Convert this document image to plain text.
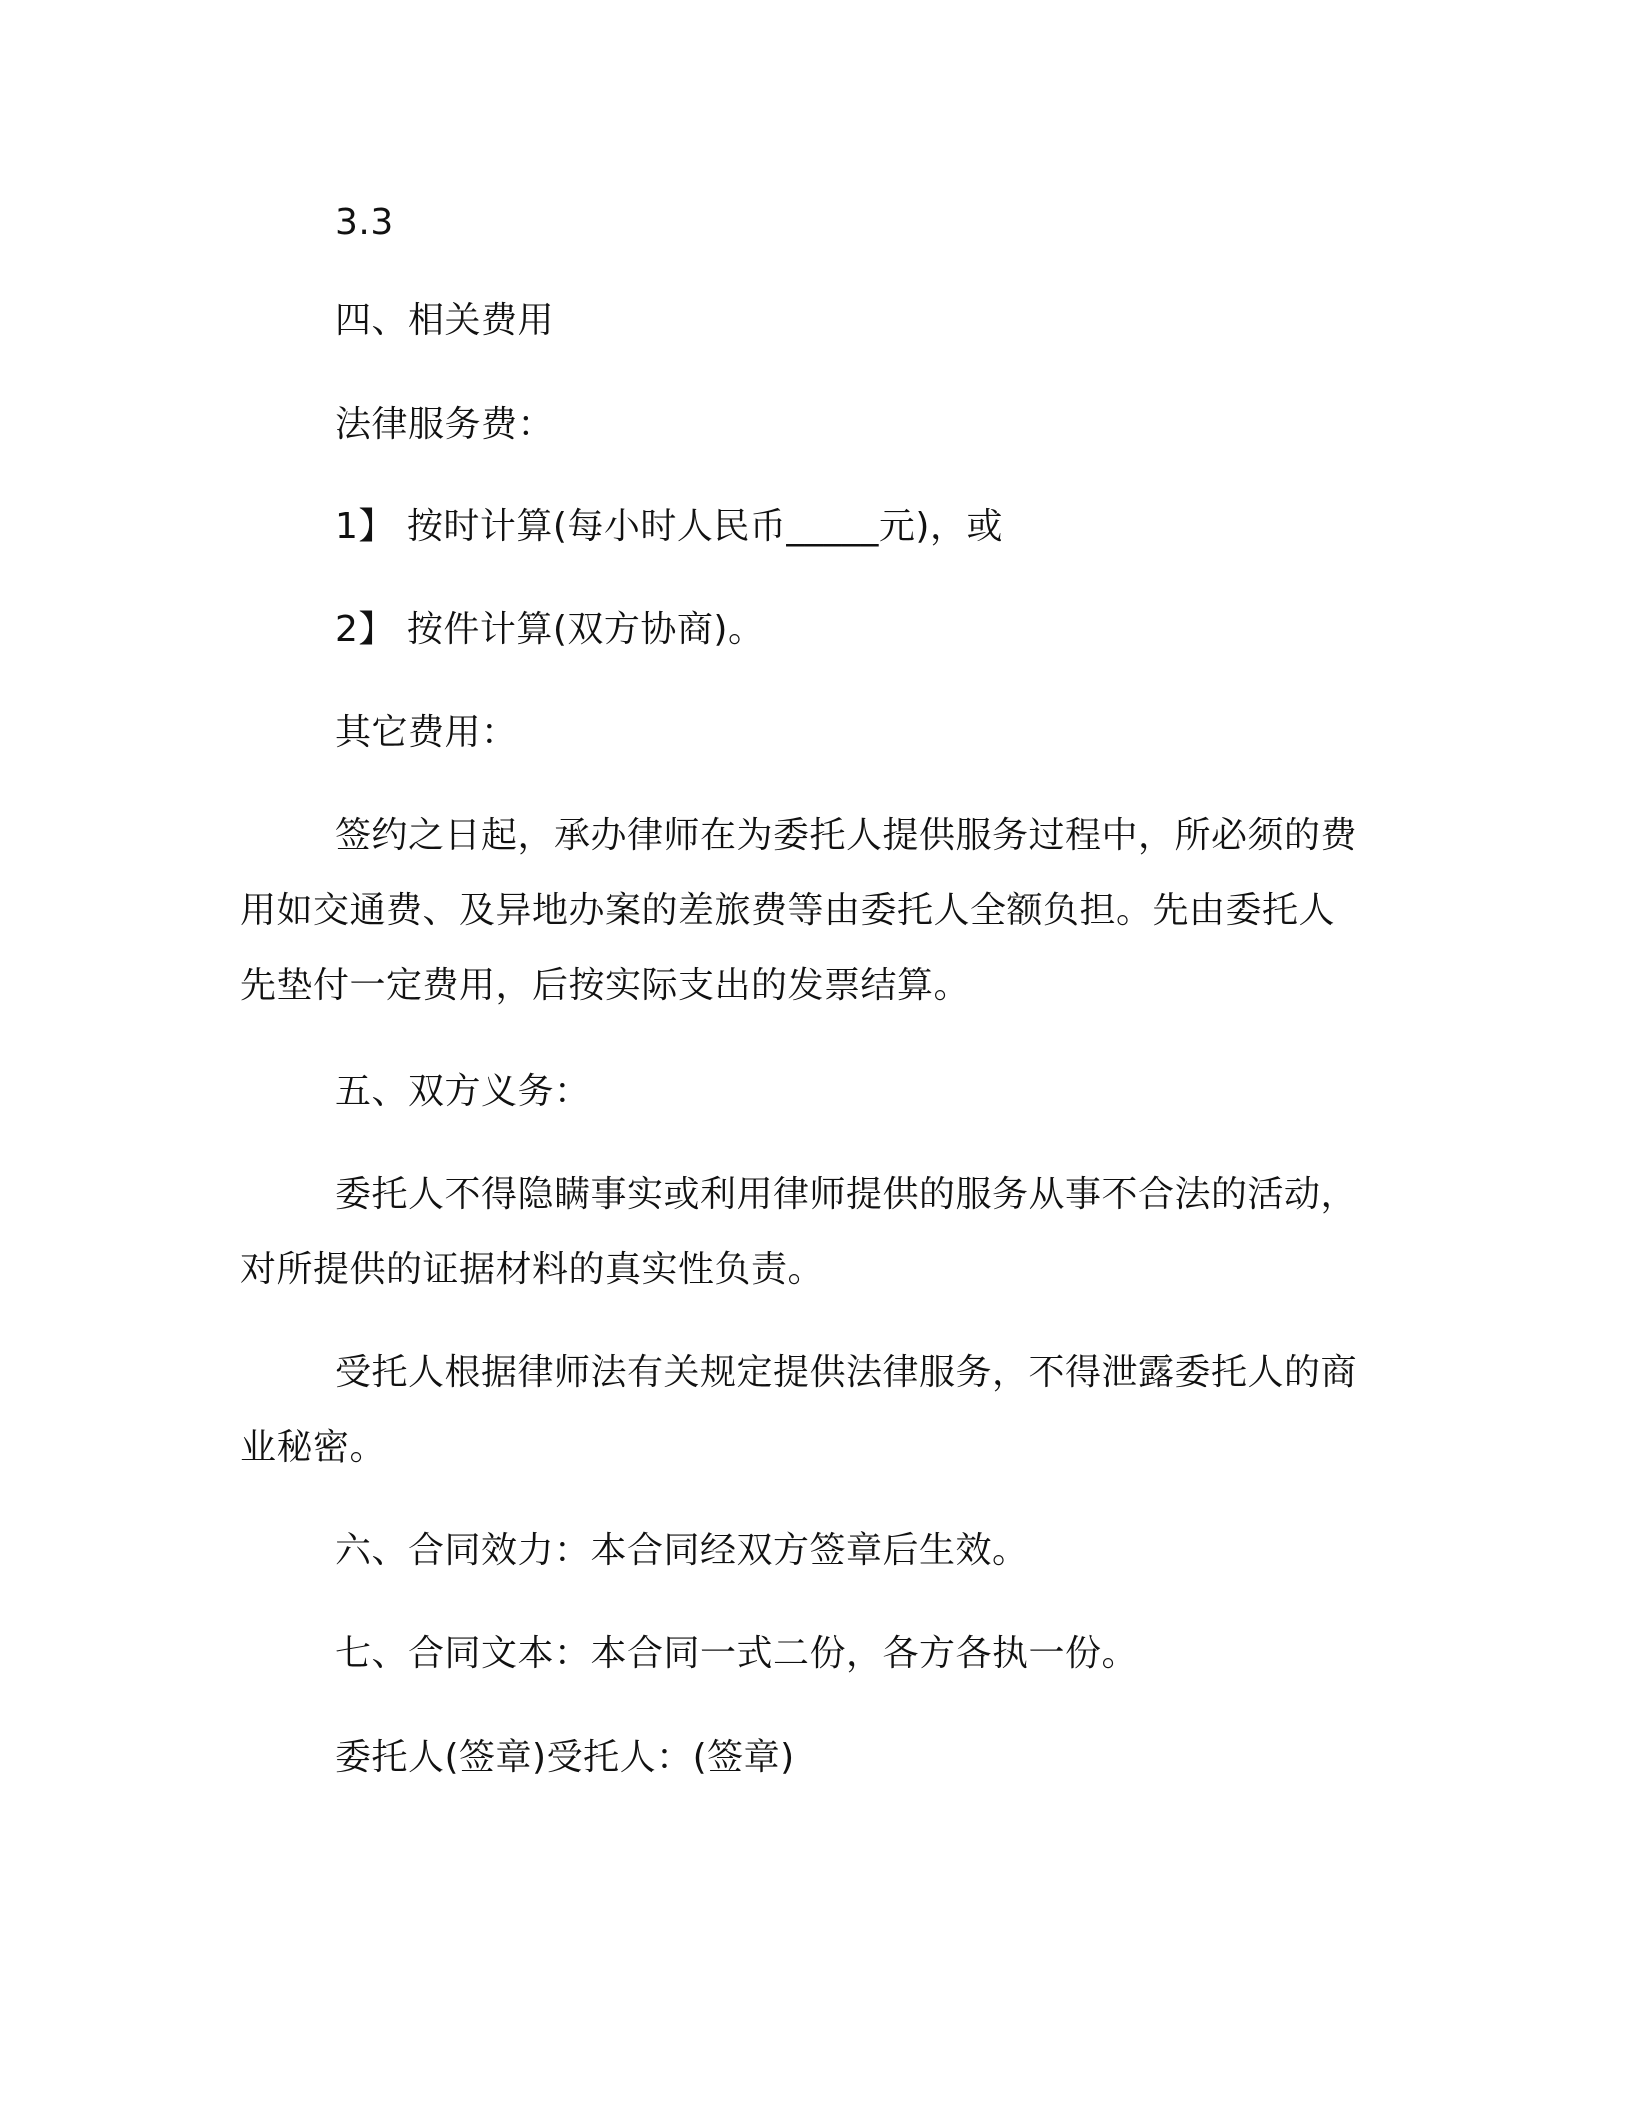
3.3

四、相关费用

法律服务费：

1】 按时计算(每小时人民币_____元)，或

2】 按件计算(双方协商)。

其它费用：

签约之日起，承办律师在为委托人提供服务过程中，所必须的费

用如交通费、及异地办案的差旅费等由委托人全额负担。先由委托人

先垫付一定费用，后按实际支出的发票结算。

五、双方义务：

委托人不得隐瞒事实或利用律师提供的服务从事不合法的活动，

对所提供的证据材料的真实性负责。

受托人根据律师法有关规定提供法律服务，不得泄露委托人的商

业秘密。

六、合同效力：本合同经双方签章后生效。

七、合同文本：本合同一式二份，各方各执一份。

委托人(签章)受托人：(签章)
